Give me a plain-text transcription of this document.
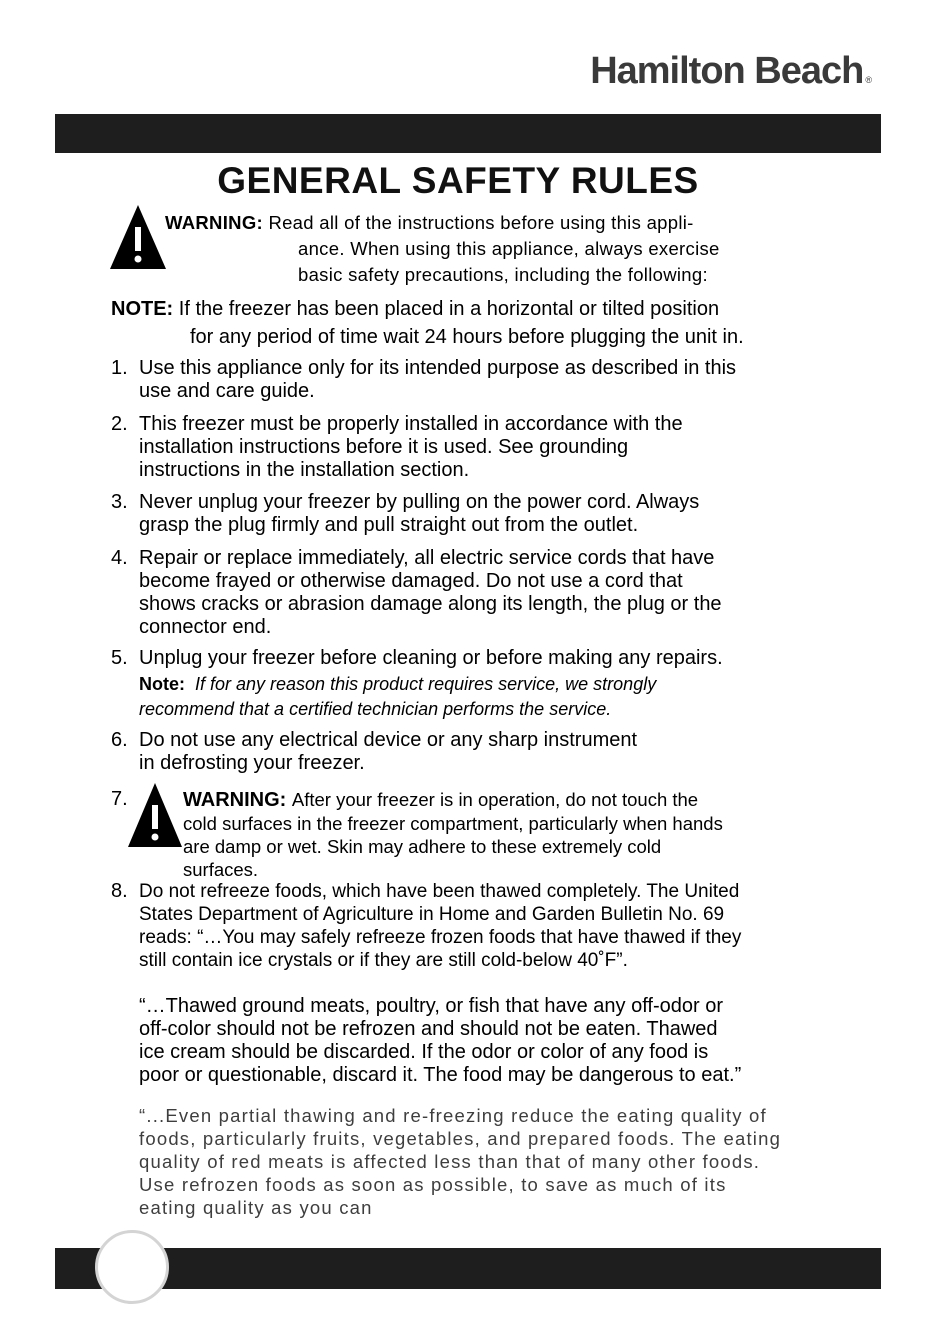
Hamilton Beach ®
GENERAL SAFETY RULES
WARNING: Read all of the instructions before using this appli-
ance. When using this appliance, always exercise
basic safety precautions, including the following:
NOTE: If the freezer has been placed in a horizontal or tilted position
for any period of time wait 24 hours before plugging the unit in.
1. Use this appliance only for its intended purpose as described in this
use and care guide.
2. This freezer must be properly installed in accordance with the
installation instructions before it is used. See grounding
instructions in the installation section.
3. Never unplug your freezer by pulling on the power cord. Always
grasp the plug firmly and pull straight out from the outlet.
4. Repair or replace immediately, all electric service cords that have
become frayed or otherwise damaged. Do not use a cord that
shows cracks or abrasion damage along its length, the plug or the
connector end.
5. Unplug your freezer before cleaning or before making any repairs.
Note: If for any reason this product requires service, we strongly
recommend that a certified technician performs the service.
6. Do not use any electrical device or any sharp instrument
in defrosting your freezer.
7.	WARNING: After your freezer is in operation, do not touch the
cold surfaces in the freezer compartment, particularly when hands
are damp or wet. Skin may adhere to these extremely cold
surfaces.
8. Do not refreeze foods, which have been thawed completely. The United
States Department of Agriculture in Home and Garden Bulletin No. 69
reads: “…You may safely refreeze frozen foods that have thawed if they
still contain ice crystals or if they are still cold-below 40˚F”.
“…Thawed ground meats, poultry, or fish that have any off-odor or
off-color should not be refrozen and should not be eaten. Thawed
ice cream should be discarded. If the odor or color of any food is
poor or questionable, discard it. The food may be dangerous to eat.”
“...Even partial thawing and re-freezing reduce the eating quality of
foods, particularly fruits, vegetables, and prepared foods. The eating
quality of red meats is affected less than that of many other foods.
Use refrozen foods as soon as possible, to save as much of its
eating quality as you can
